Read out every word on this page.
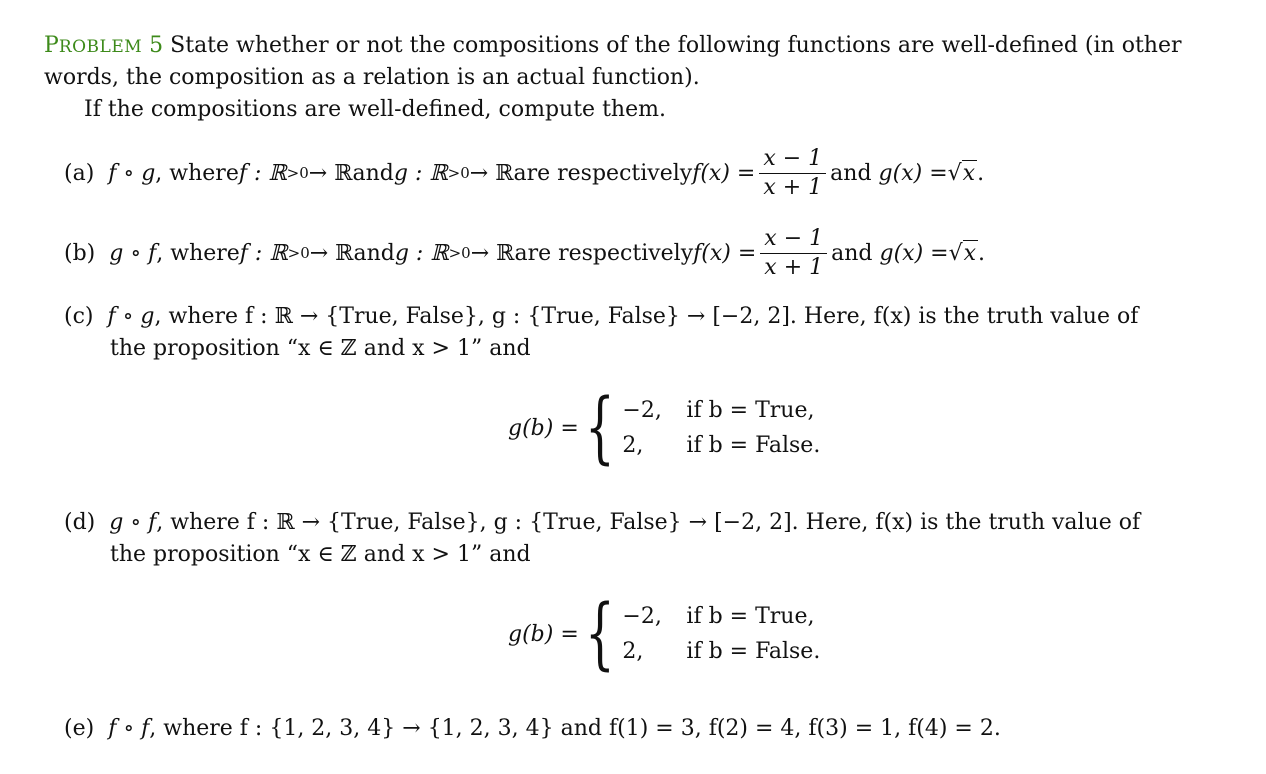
PROBLEM 5 State whether or not the compositions of the following functions are well-defined (in other
words, the composition as a relation is an actual function).
If the compositions are well-defined, compute them.
(a)
f ∘ g , where f : ℝ >0 → ℝ and g : ℝ >0 → ℝ are respectively $f(x) = \frac{x - 1}{x + 1}$ and
g(x) = √x .
(b)
g ∘ f , where f : ℝ >0 → ℝ and g : ℝ >0 → ℝ are respectively $f(x) = \frac{x - 1}{x + 1}$ and
g(x) = √x .
(c) f ∘ g, where f : ℝ → {True, False}, g : {True, False} → [−2, 2]. Here, f(x) is the truth value of
the proposition “x ∈ ℤ and x > 1” and
g(b) = { −2,	if b = True,
2,	if b = False.
(d) g ∘ f, where f : ℝ → {True, False}, g : {True, False} → [−2, 2]. Here, f(x) is the truth value of
the proposition “x ∈ ℤ and x > 1” and
g(b) = { −2,	if b = True,
2,	if b = False.
(e) f ∘ f, where f : {1, 2, 3, 4} → {1, 2, 3, 4} and f(1) = 3, f(2) = 4, f(3) = 1, f(4) = 2.
